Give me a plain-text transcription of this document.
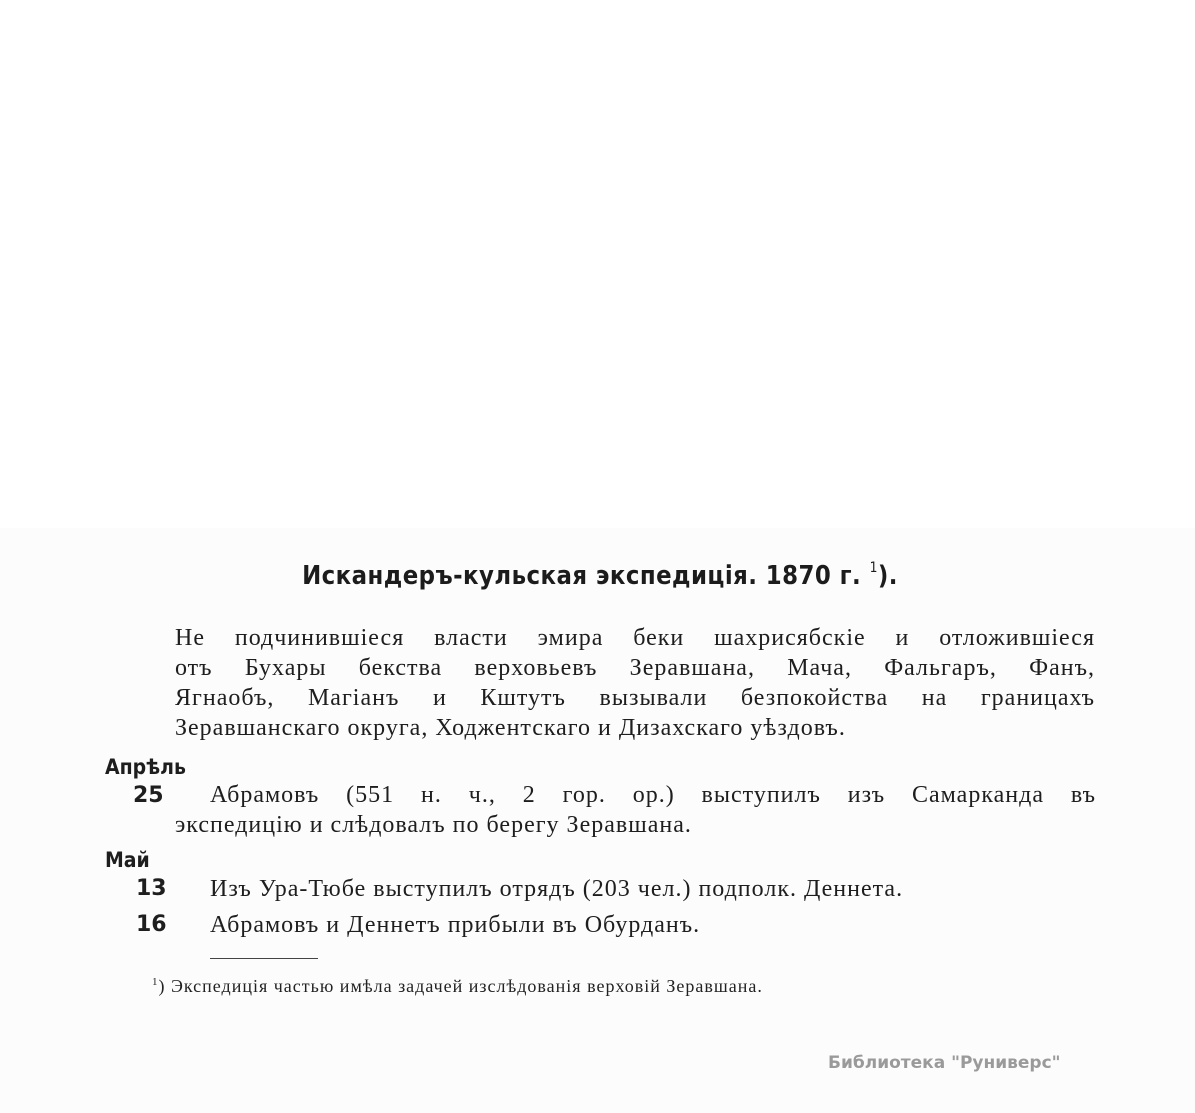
Искандеръ-кульская экспедиція. 1870 г. $^1$).
Не подчинившіеся власти эмира беки шахрисябскіе и отложившіеся
отъ Бухары бекства верховьевъ Зеравшана, Мача, Фальгаръ, Фанъ,
Ягнаобъ, Магіанъ и Кштутъ вызывали безпокойства на границахъ
Зеравшанскаго округа, Ходжентскаго и Дизахскаго уѣздовъ.
Апрѣль
25 Абрамовъ (551 н. ч., 2 гор. ор.) выступилъ изъ Самарканда въ
экспедицію и слѣдовалъ по берегу Зеравшана.
Май
13 Изъ Ура-Тюбе выступилъ отрядъ (203 чел.) подполк. Деннета.
16 Абрамовъ и Деннетъ прибыли въ Обурданъ.
$^1$) Экспедиція частью имѣла задачей изслѣдованія верховій Зеравшана.
Библиотека "Руниверс"
